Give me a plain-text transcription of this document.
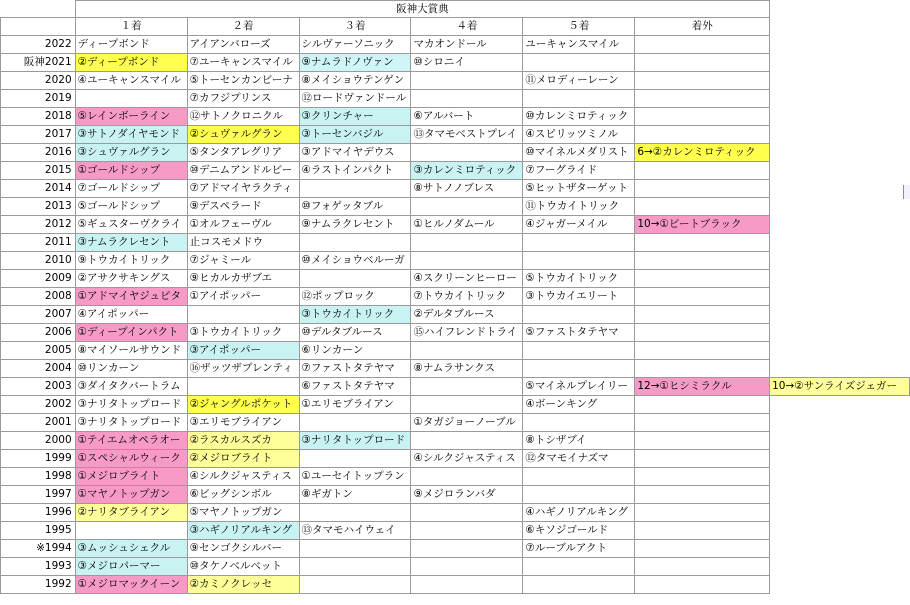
	阪神大賞典						
	１着	２着	３着	４着	５着	着外	
2022	ディープボンド	アイアンバローズ	シルヴァーソニック	マカオンドール	ユーキャンスマイル		
阪神2021	②ディープボンド	⑦ユーキャンスマイル	⑨ナムラドノヴァン	⑩シロニイ			
2020	④ユーキャンスマイル	⑤トーセンカンビーナ	⑧メイショウテンゲン		⑪メロディーレーン		
2019		⑦カフジプリンス	⑫ロードヴァンドール				
2018	⑤レインボーライン	⑫サトノクロニクル	③クリンチャー	⑥アルバート	⑩カレンミロティック		
2017	③サトノダイヤモンド	②シュヴァルグラン	③トーセンバジル	⑬タマモベストプレイ	④スピリッツミノル		
2016	③シュヴァルグラン	⑤タンタアレグリア	③アドマイヤデウス		⑩マイネルメダリスト	6→②カレンミロティック	
2015	①ゴールドシップ	⑩デニムアンドルビー	④ラストインパクト	③カレンミロティック	⑦フーグライド		
2014	⑦ゴールドシップ	⑦アドマイヤラクティ		⑧サトノノブレス	⑤ヒットザターゲット		
2013	⑤ゴールドシップ	⑨デスペラード	⑩フォゲッタブル		⑪トウカイトリック		
2012	⑤ギュスターヴクライ	①オルフェーヴル	⑨ナムラクレセント	①ヒルノダムール	④ジャガーメイル	10→①ビートブラック	
2011	③ナムラクレセント	止コスモメドウ					
2010	⑨トウカイトリック	⑦ジャミール	⑩メイショウベルーガ				
2009	②アサクサキングス	⑨ヒカルカザブエ		④スクリーンヒーロー	⑤トウカイトリック		
2008	①アドマイヤジュピタ	①アイポッパー	⑫ポップロック	⑦トウカイトリック	③トウカイエリート		
2007	④アイポッパー		③トウカイトリック	②デルタブルース			
2006	①ディープインパクト	③トウカイトリック	⑩デルタブルース	⑮ハイフレンドトライ	⑤ファストタテヤマ		
2005	⑧マイソールサウンド	③アイポッパー	⑥リンカーン				
2004	⑩リンカーン	⑯ザッツザプレンティ	⑦ファストタテヤマ	⑧ナムラサンクス			
2003	③ダイタクバートラム		⑥ファストタテヤマ		⑤マイネルプレイリー	12→①ヒシミラクル	10→②サンライズジェガー
2002	③ナリタトップロード	②ジャングルポケット	①エリモブライアン		④ボーンキング		
2001	③ナリタトップロード	③エリモブライアン		①タガジョーノーブル			
2000	①テイエムオペラオー	②ラスカルスズカ	③ナリタトップロード		⑧トシザブイ		
1999	①スペシャルウィーク	②メジロブライト		④シルクジャスティス	⑫タマモイナズマ		
1998	①メジロブライト	④シルクジャスティス	①ユーセイトップラン				
1997	①マヤノトップガン	⑥ビッグシンボル	⑧ギガトン	⑨メジロランバダ			
1996	②ナリタブライアン	⑤マヤノトップガン			④ハギノリアルキング		
1995		③ハギノリアルキング	⑬タマモハイウェイ		⑥キソジゴールド		
※1994	③ムッシュシェクル	⑨センゴクシルバー			⑦ルーブルアクト		
1993	③メジロパーマー	⑩タケノベルベット					
1992	①メジロマックイーン	②カミノクレッセ					
